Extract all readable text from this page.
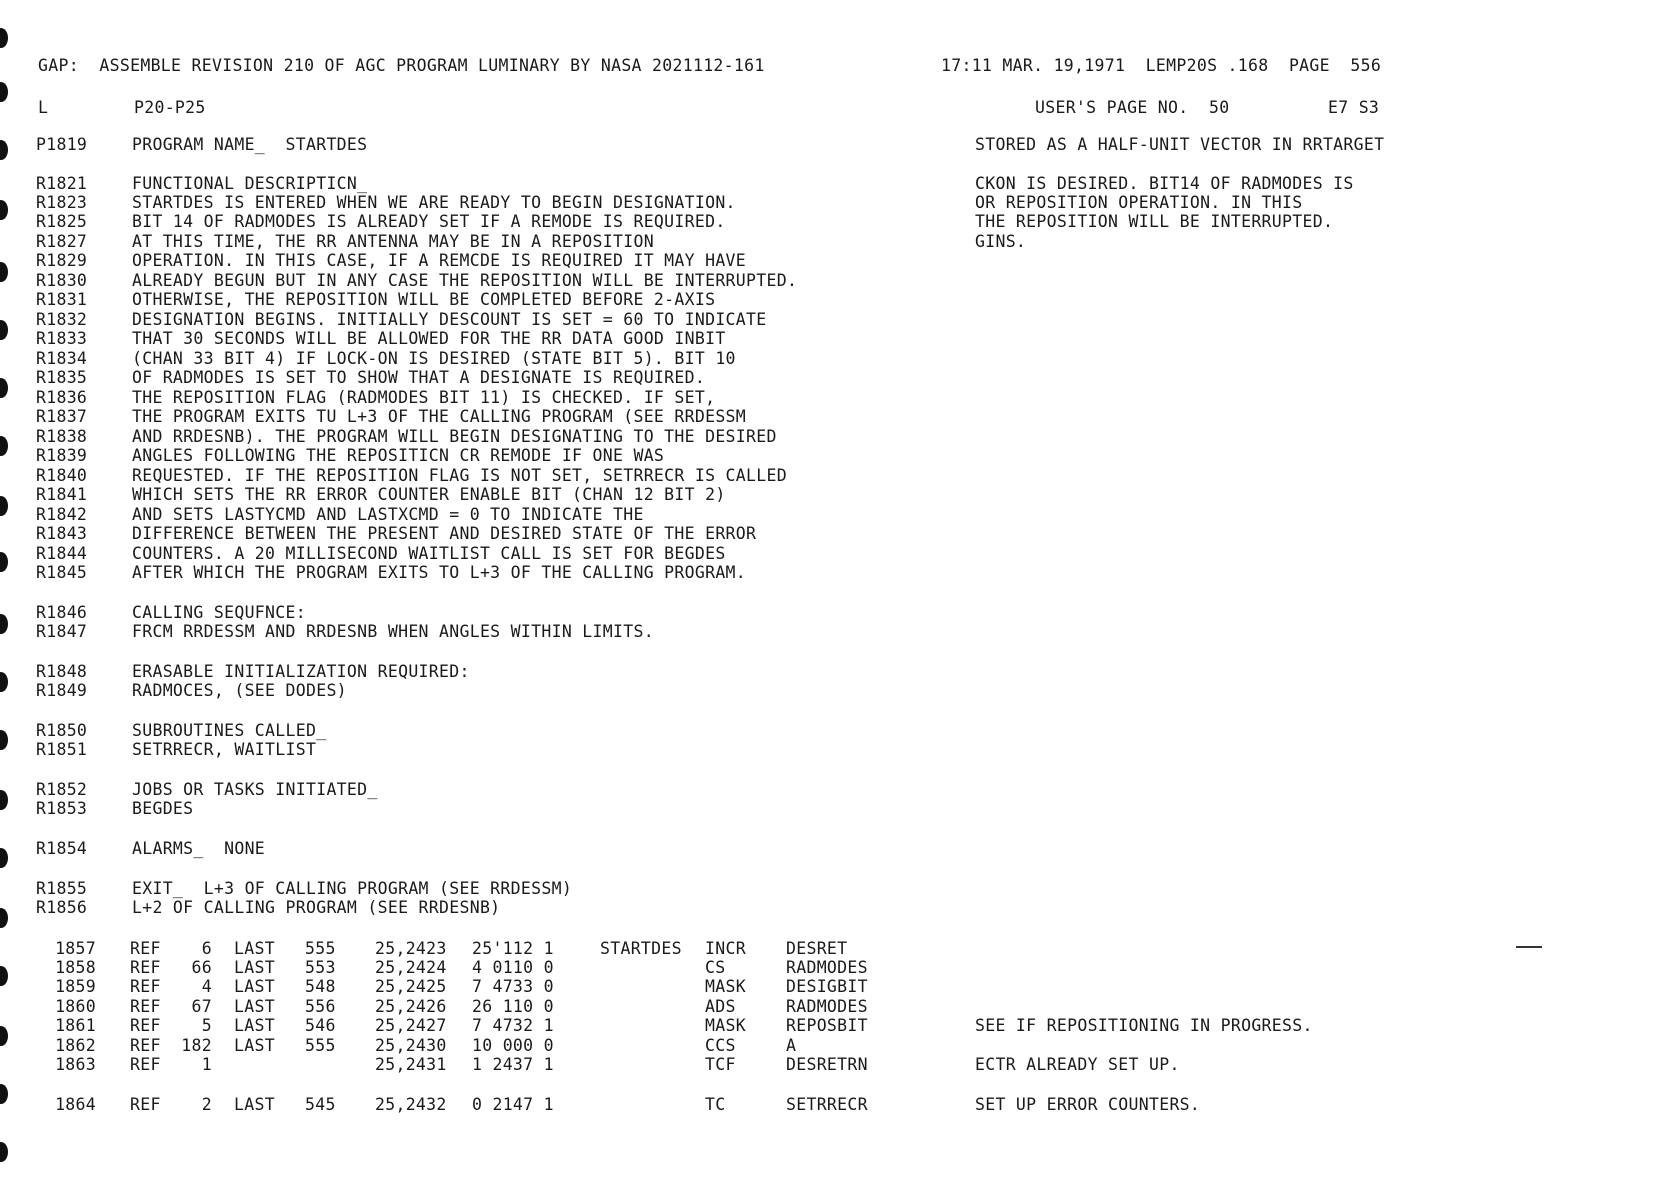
GAP:  ASSEMBLE REVISION 210 OF AGC PROGRAM LUMINARY BY NASA 2021112-161	17:11 MAR. 19,1971  LEMP20S .168  PAGE  556
L	P20-P25	USER'S PAGE NO.  50	E7 S3
P1819	PROGRAM NAME_  STARTDES	STORED AS A HALF-UNIT VECTOR IN RRTARGET
CKON IS DESIRED. BIT14 OF RADMODES IS
OR REPOSITION OPERATION. IN THIS
THE REPOSITION WILL BE INTERRUPTED.
GINS.
R1821	FUNCTIONAL DESCRIPTICN_
R1823	STARTDES IS ENTERED WHEN WE ARE READY TO BEGIN DESIGNATION.
R1825	BIT 14 OF RADMODES IS ALREADY SET IF A REMODE IS REQUIRED.
R1827	AT THIS TIME, THE RR ANTENNA MAY BE IN A REPOSITION
R1829	OPERATION. IN THIS CASE, IF A REMCDE IS REQUIRED IT MAY HAVE
R1830	ALREADY BEGUN BUT IN ANY CASE THE REPOSITION WILL BE INTERRUPTED.
R1831	OTHERWISE, THE REPOSITION WILL BE COMPLETED BEFORE 2-AXIS
R1832	DESIGNATION BEGINS. INITIALLY DESCOUNT IS SET = 60 TO INDICATE
R1833	THAT 30 SECONDS WILL BE ALLOWED FOR THE RR DATA GOOD INBIT
R1834	(CHAN 33 BIT 4) IF LOCK-ON IS DESIRED (STATE BIT 5). BIT 10
R1835	OF RADMODES IS SET TO SHOW THAT A DESIGNATE IS REQUIRED.
R1836	THE REPOSITION FLAG (RADMODES BIT 11) IS CHECKED. IF SET,
R1837	THE PROGRAM EXITS TU L+3 OF THE CALLING PROGRAM (SEE RRDESSM
R1838	AND RRDESNB). THE PROGRAM WILL BEGIN DESIGNATING TO THE DESIRED
R1839	ANGLES FOLLOWING THE REPOSITICN CR REMODE IF ONE WAS
R1840	REQUESTED. IF THE REPOSITION FLAG IS NOT SET, SETRRECR IS CALLED
R1841	WHICH SETS THE RR ERROR COUNTER ENABLE BIT (CHAN 12 BIT 2)
R1842	AND SETS LASTYCMD AND LASTXCMD = 0 TO INDICATE THE
R1843	DIFFERENCE BETWEEN THE PRESENT AND DESIRED STATE OF THE ERROR
R1844	COUNTERS. A 20 MILLISECOND WAITLIST CALL IS SET FOR BEGDES
R1845	AFTER WHICH THE PROGRAM EXITS TO L+3 OF THE CALLING PROGRAM.
R1846	CALLING SEQUFNCE:
R1847	FRCM RRDESSM AND RRDESNB WHEN ANGLES WITHIN LIMITS.
R1848	ERASABLE INITIALIZATION REQUIRED:
R1849	RADMOCES, (SEE DODES)
R1850	SUBROUTINES CALLED_
R1851	SETRRECR, WAITLIST
R1852	JOBS OR TASKS INITIATED_
R1853	BEGDES
R1854	ALARMS_  NONE
R1855	EXIT_  L+3 OF CALLING PROGRAM (SEE RRDESSM)
R1856	L+2 OF CALLING PROGRAM (SEE RRDESNB)
1857 REF	6 LAST 555 25,2423 25'112 1	STARTDES INCR DESRET
1858 REF	66 LAST 553 25,2424 4 0110 0	CS	RADMODES
1859 REF	4 LAST 548 25,2425 7 4733 0	MASK DESIGBIT
1860 REF	67 LAST 556 25,2426 26 110 0	ADS	RADMODES
1861 REF	5 LAST 546 25,2427 7 4732 1	MASK REPOSBIT	SEE IF REPOSITIONING IN PROGRESS.
1862 REF	182 LAST 555 25,2430 10 000 0	CCS	A
1863 REF	1	25,2431 1 2437 1	TCF	DESRETRN	ECTR ALREADY SET UP.
1864 REF	2 LAST 545 25,2432 0 2147 1	TC	SETRRECR	SET UP ERROR COUNTERS.
